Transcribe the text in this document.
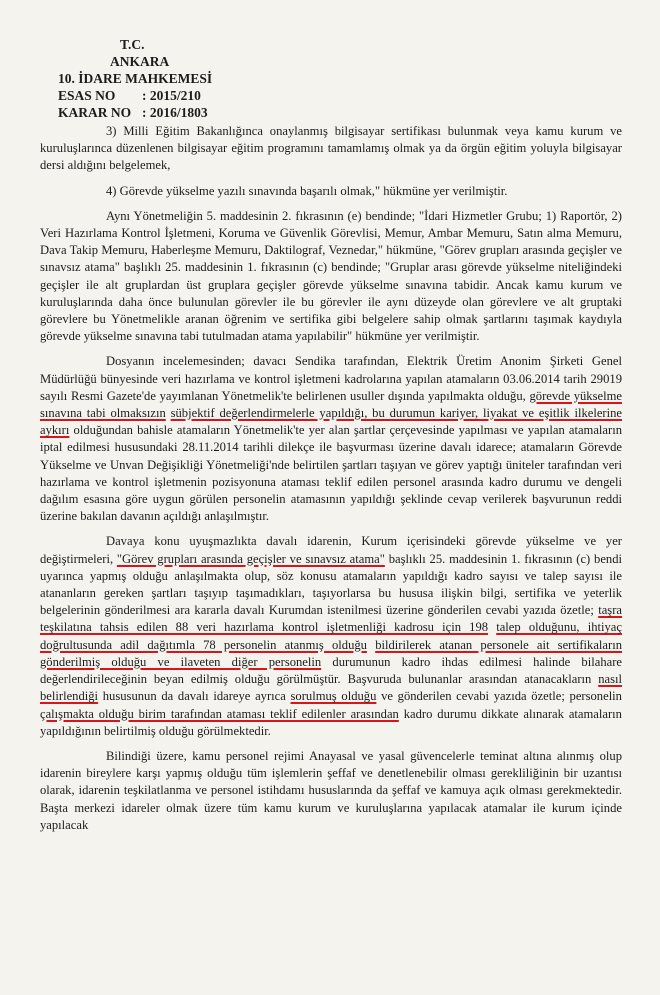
T.C.
ANKARA
10. İDARE MAHKEMESİ
ESAS NO	: 2015/210
KARAR NO : 2016/1803

3) Milli Eğitim Bakanlığınca onaylanmış bilgisayar sertifikası bulunmak veya kamu kurum ve kuruluşlarınca düzenlenen bilgisayar eğitim programını tamamlamış olmak ya da örgün eğitim yoluyla bilgisayar dersi aldığını belgelemek,

4) Görevde yükselme yazılı sınavında başarılı olmak," hükmüne yer verilmiştir.

Aynı Yönetmeliğin 5. maddesinin 2. fıkrasının (e) bendinde; "İdari Hizmetler Grubu; 1) Raportör, 2) Veri Hazırlama Kontrol İşletmeni, Koruma ve Güvenlik Görevlisi, Memur, Ambar Memuru, Satın alma Memuru, Dava Takip Memuru, Haberleşme Memuru, Daktilograf, Veznedar," hükmüne, "Görev grupları arasında geçişler ve sınavsız atama" başlıklı 25. maddesinin 1. fıkrasının (c) bendinde; "Gruplar arası görevde yükselme niteliğindeki geçişler ile alt gruplardan üst gruplara geçişler görevde yükselme sınavına tabidir. Ancak kamu kurum ve kuruluşlarında daha önce bulunulan görevler ile bu görevler ile aynı düzeyde olan görevlere ve alt gruptaki görevlere bu Yönetmelikle aranan öğrenim ve sertifika gibi belgelere sahip olmak şartlarını taşımak kaydıyla görevde yükselme sınavına tabi tutulmadan atama yapılabilir" hükmüne yer verilmiştir.

Dosyanın incelemesinden; davacı Sendika tarafından, Elektrik Üretim Anonim Şirketi Genel Müdürlüğü bünyesinde veri hazırlama ve kontrol işletmeni kadrolarına yapılan atamaların 03.06.2014 tarih 29019 sayılı Resmi Gazete'de yayımlanan Yönetmelik'te belirlenen usuller dışında yapılmakta olduğu, görevde yükselme sınavına tabi olmaksızın sübjektif değerlendirmelerle yapıldığı, bu durumun kariyer, liyakat ve eşitlik ilkelerine aykırı olduğundan bahisle atamaların Yönetmelik'te yer alan şartlar çerçevesinde yapılması ve yapılan atamaların iptal edilmesi hususundaki 28.11.2014 tarihli dilekçe ile başvurması üzerine davalı idarece; atamaların Görevde Yükselme ve Unvan Değişikliği Yönetmeliği'nde belirtilen şartları taşıyan ve görev yaptığı üniteler tarafından veri hazırlama ve kontrol işletmenin pozisyonuna ataması teklif edilen personel arasında kadro durumu ve dengeli dağılım esasına göre uygun görülen personelin atamasının yapıldığı şeklinde cevap verilerek başvurunun reddi üzerine bakılan davanın açıldığı anlaşılmıştır.

Davaya konu uyuşmazlıkta davalı idarenin, Kurum içerisindeki görevde yükselme ve yer değiştirmeleri, "Görev grupları arasında geçişler ve sınavsız atama" başlıklı 25. maddesinin 1. fıkrasının (c) bendi uyarınca yapmış olduğu anlaşılmakta olup, söz konusu atamaların yapıldığı kadro sayısı ve talep sayısı ile atananların gereken şartları taşıyıp taşımadıkları, taşıyorlarsa bu hususa ilişkin bilgi, sertifika ve yeterlik belgelerinin gönderilmesi ara kararla davalı Kurumdan istenilmesi üzerine gönderilen cevabi yazıda özetle; taşra teşkilatına tahsis edilen 88 veri hazırlama kontrol işletmenliği kadrosu için 198 talep olduğunu, ihtiyaç doğrultusunda adil dağıtımla 78 personelin atanmış olduğu bildirilerek atanan personele ait sertifikaların gönderilmiş olduğu ve ilaveten diğer personelin durumunun kadro ihdas edilmesi halinde bilahare değerlendirileceğinin beyan edilmiş olduğu görülmüştür. Başvuruda bulunanlar arasından atanacakların nasıl belirlendiği hususunun da davalı idareye ayrıca sorulmuş olduğu ve gönderilen cevabi yazıda özetle; personelin çalışmakta olduğu birim tarafından ataması teklif edilenler arasından kadro durumu dikkate alınarak atamaların yapıldığının belirtilmiş olduğu görülmektedir.

Bilindiği üzere, kamu personel rejimi Anayasal ve yasal güvencelerle teminat altına alınmış olup idarenin bireylere karşı yapmış olduğu tüm işlemlerin şeffaf ve denetlenebilir olması gerekliliğinin bir uzantısı olarak, idarenin teşkilatlanma ve personel istihdamı hususlarında da şeffaf ve kamuya açık olması gerekmektedir. Başta merkezi idareler olmak üzere tüm kamu kurum ve kuruluşlarına yapılacak atamalar ile kurum içinde yapılacak
